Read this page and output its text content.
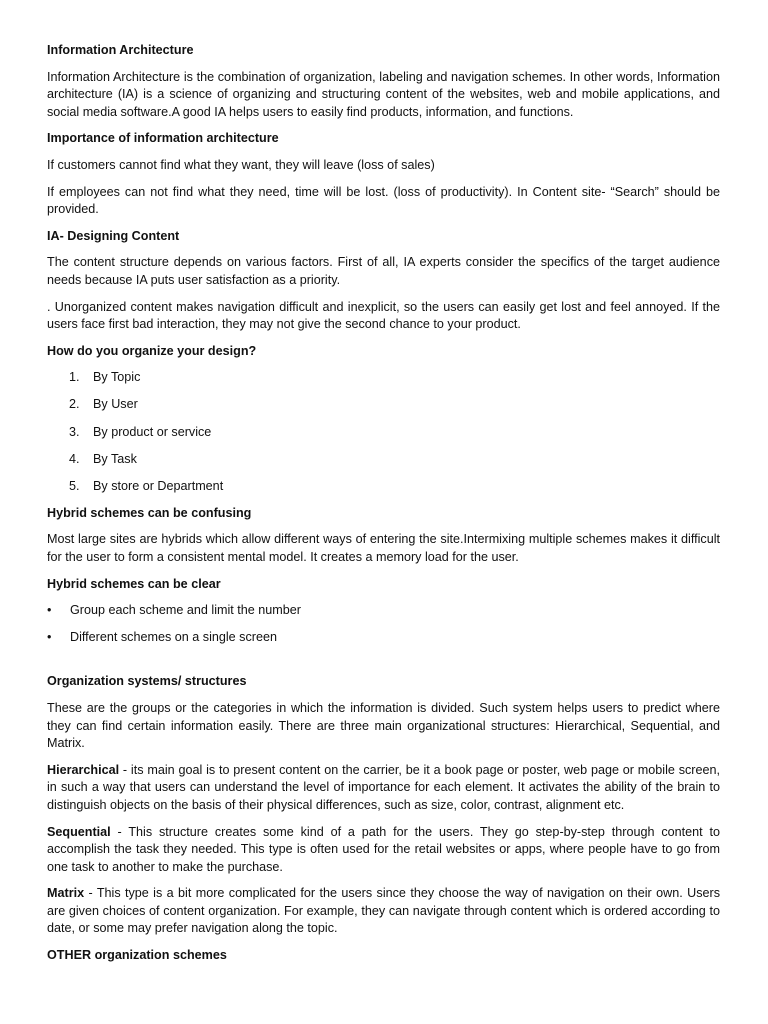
Information Architecture
Information Architecture is the combination of organization, labeling and navigation schemes. In other words, Information architecture (IA) is a science of organizing and structuring content of the websites, web and mobile applications, and social media software.A good IA helps users to easily find products, information, and functions.
Importance of information architecture
If customers cannot find what they want, they will leave (loss of sales)
If employees can not find what they need, time will be lost. (loss of productivity). In Content site- “Search” should be provided.
IA- Designing Content
The content structure depends on various factors. First of all, IA experts consider the specifics of the target audience needs because IA puts user satisfaction as a priority.
. Unorganized content makes navigation difficult and inexplicit, so the users can easily get lost and feel annoyed. If the users face first bad interaction, they may not give the second chance to your product.
How do you organize your design?
1.	By Topic
2.	By User
3.	By product or service
4.	By Task
5.	By store or Department
Hybrid schemes can be confusing
Most large sites are hybrids which allow different ways of entering the site.Intermixing multiple schemes makes it difficult for the user to form a consistent mental model. It creates a memory load for the user.
Hybrid schemes can be clear
• Group each scheme and limit the number
• Different schemes on a single screen
Organization systems/ structures
These are the groups or the categories in which the information is divided. Such system helps users to predict where they can find certain information easily. There are three main organizational structures: Hierarchical, Sequential, and Matrix.
Hierarchical - its main goal is to present content on the carrier, be it a book page or poster, web page or mobile screen, in such a way that users can understand the level of importance for each element. It activates the ability of the brain to distinguish objects on the basis of their physical differences, such as size, color, contrast, alignment etc.
Sequential - This structure creates some kind of a path for the users. They go step-by-step through content to accomplish the task they needed. This type is often used for the retail websites or apps, where people have to go from one task to another to make the purchase.
Matrix - This type is a bit more complicated for the users since they choose the way of navigation on their own. Users are given choices of content organization. For example, they can navigate through content which is ordered according to date, or some may prefer navigation along the topic.
OTHER organization schemes
